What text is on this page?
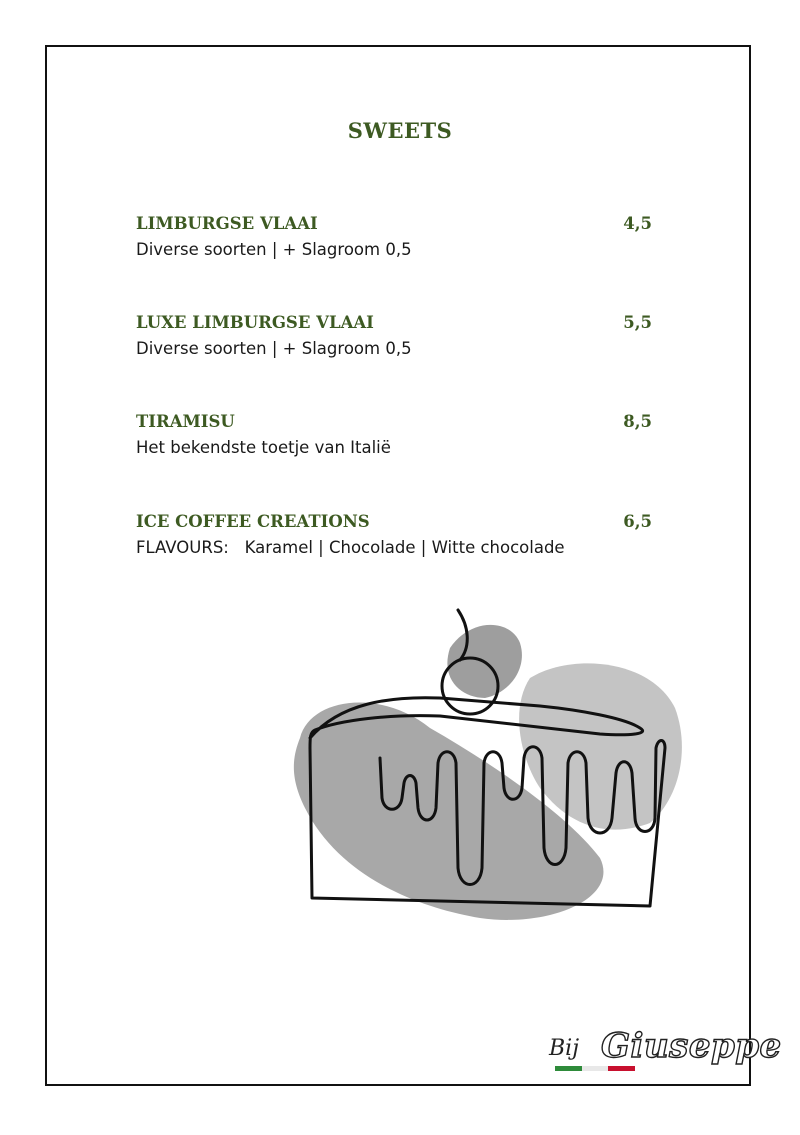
SWEETS
LIMBURGSE VLAAI	4,5
Diverse soorten | + Slagroom 0,5
LUXE LIMBURGSE VLAAI	5,5
Diverse soorten | + Slagroom 0,5
TIRAMISU	8,5
Het bekendste toetje van Italië
ICE COFFEE CREATIONS	6,5
FLAVOURS:   Karamel | Chocolade | Witte chocolade
Bij Giuseppe
